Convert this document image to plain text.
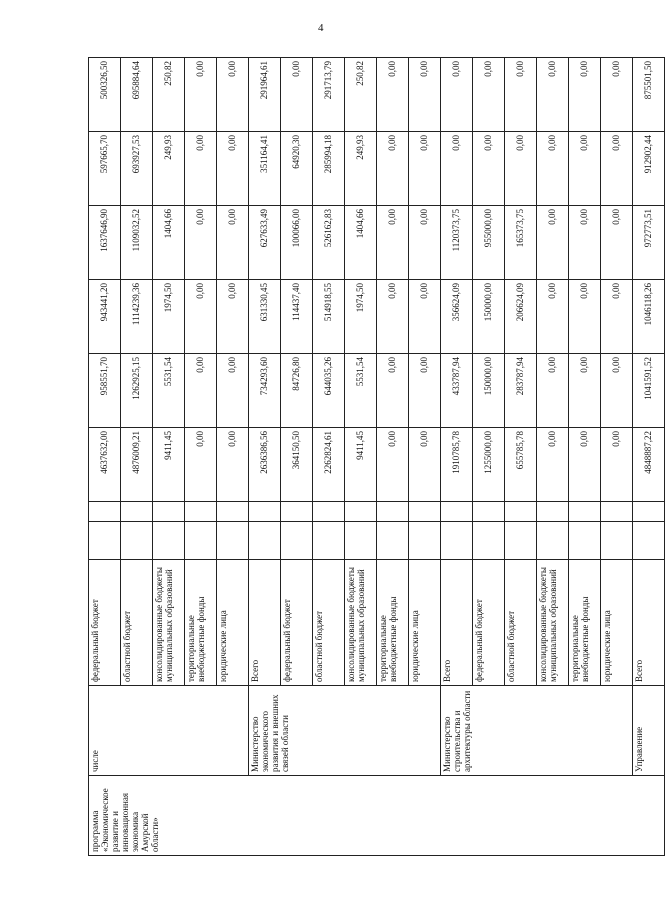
4
программа «Экономическое развитие и инновационная экономика Амурской области»	числе	федеральный бюджет			4637632,00	958551,70	943441,20	1637646,90	597665,70	500326,50
		областной бюджет			4876009,21	1262925,15	1114239,36	1109032,52	693927,53	695884,64
		консолидированные бюджеты муниципальных образований			9411,45	5531,54	1974,50	1404,66	249,93	250,82
		территориальные внебюджетные фонды			0,00	0,00	0,00	0,00	0,00	0,00
		юридические лица			0,00	0,00	0,00	0,00	0,00	0,00
	Министерство экономического развития и внешних связей области	Всего			2636386,56	734293,60	631330,45	627633,49	351164,41	291964,61
		федеральный бюджет			364150,50	84726,80	114437,40	100066,00	64920,30	0,00
		областной бюджет			2262824,61	644035,26	514918,55	526162,83	285994,18	291713,79
		консолидированные бюджеты муниципальных образований			9411,45	5531,54	1974,50	1404,66	249,93	250,82
		территориальные внебюджетные фонды			0,00	0,00	0,00	0,00	0,00	0,00
		юридические лица			0,00	0,00	0,00	0,00	0,00	0,00
	Министерство строительства и архитектуры области	Всего			1910785,78	433787,94	356624,09	1120373,75	0,00	0,00
		федеральный бюджет			1255000,00	150000,00	150000,00	955000,00	0,00	0,00
		областной бюджет			655785,78	283787,94	206624,09	165373,75	0,00	0,00
		консолидированные бюджеты муниципальных образований			0,00	0,00	0,00	0,00	0,00	0,00
		территориальные внебюджетные фонды			0,00	0,00	0,00	0,00	0,00	0,00
		юридические лица			0,00	0,00	0,00	0,00	0,00	0,00
	Управление	Всего			4848887,22	1041591,52	1046118,26	972773,51	912902,44	875501,50
